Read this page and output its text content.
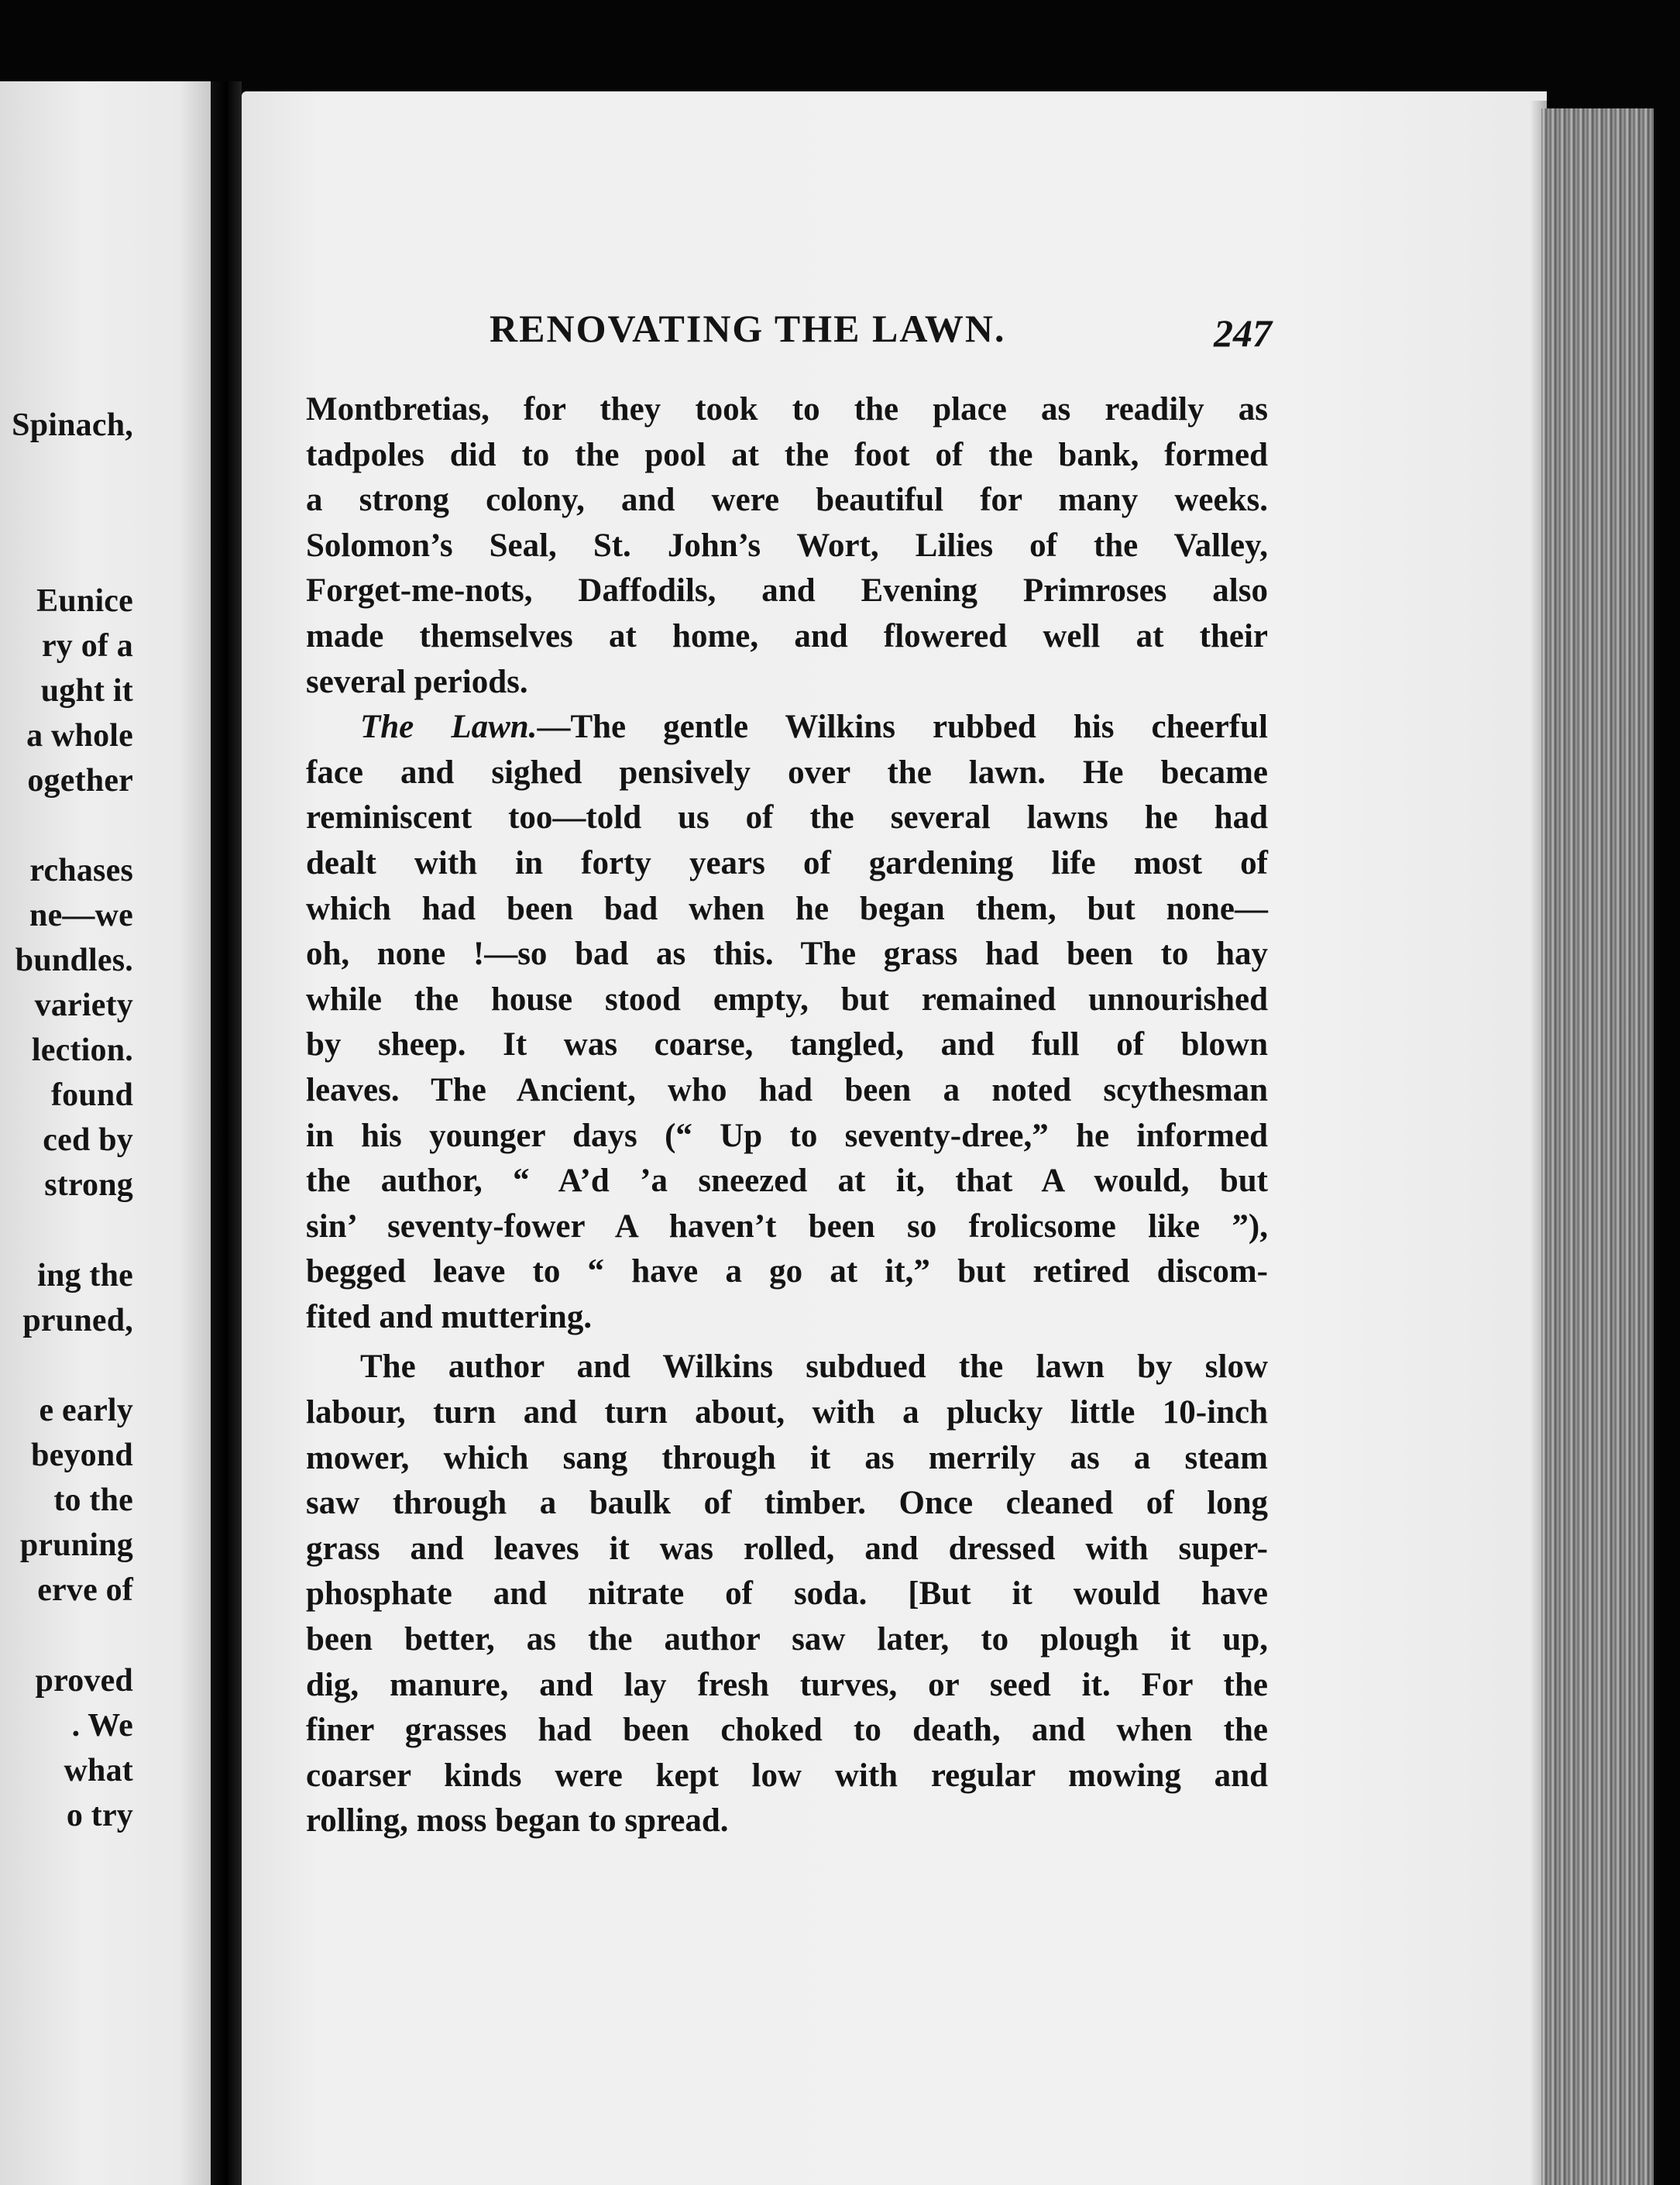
Spinach,
Eunice
ry of a
ught it
a whole
ogether
rchases
ne—we
bundles.
variety
lection.
found
ced by
strong
ing the
pruned,
e early
beyond
to the
pruning
erve of
proved
. We
what
o try
RENOVATING THE LAWN.	247
Montbretias, for they took to the place as readily as
tadpoles did to the pool at the foot of the bank, formed
a strong colony, and were beautiful for many weeks.
Solomon’s Seal, St. John’s Wort, Lilies of the Valley,
Forget-me-nots, Daffodils, and Evening Primroses also
made themselves at home, and flowered well at their
several periods.
The Lawn.—The gentle Wilkins rubbed his cheerful
face and sighed pensively over the lawn. He became
reminiscent too—told us of the several lawns he had
dealt with in forty years of gardening life most of
which had been bad when he began them, but none—
oh, none !—so bad as this. The grass had been to hay
while the house stood empty, but remained unnourished
by sheep. It was coarse, tangled, and full of blown
leaves. The Ancient, who had been a noted scythesman
in his younger days (“ Up to seventy-dree,” he informed
the author, “ A’d ’a sneezed at it, that A would, but
sin’ seventy-fower A haven’t been so frolicsome like ”),
begged leave to “ have a go at it,” but retired discom-
fited and muttering.
The author and Wilkins subdued the lawn by slow
labour, turn and turn about, with a plucky little 10-inch
mower, which sang through it as merrily as a steam
saw through a baulk of timber. Once cleaned of long
grass and leaves it was rolled, and dressed with super-
phosphate and nitrate of soda. [But it would have
been better, as the author saw later, to plough it up,
dig, manure, and lay fresh turves, or seed it. For the
finer grasses had been choked to death, and when the
coarser kinds were kept low with regular mowing and
rolling, moss began to spread.
